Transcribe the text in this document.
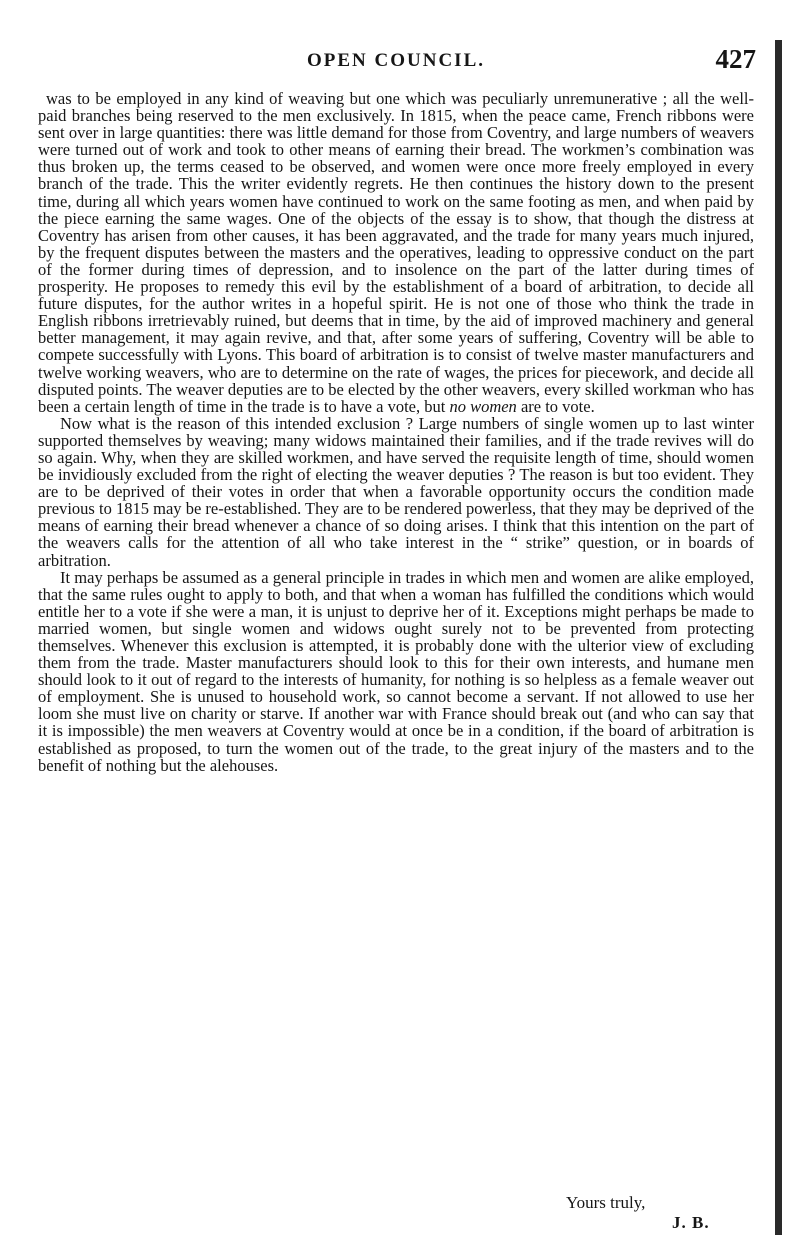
OPEN COUNCIL.	427

was to be employed in any kind of weaving but one which was peculiarly unremunerative ; all the well-paid branches being reserved to the men exclusively. In 1815, when the peace came, French ribbons were sent over in large quantities: there was little demand for those from Coventry, and large numbers of weavers were turned out of work and took to other means of earning their bread. The workmen’s combination was thus broken up, the terms ceased to be observed, and women were once more freely employed in every branch of the trade. This the writer evidently regrets. He then continues the history down to the present time, during all which years women have continued to work on the same footing as men, and when paid by the piece earning the same wages. One of the objects of the essay is to show, that though the distress at Coventry has arisen from other causes, it has been aggravated, and the trade for many years much injured, by the frequent disputes between the masters and the operatives, leading to oppressive conduct on the part of the former during times of depression, and to insolence on the part of the latter during times of prosperity. He proposes to remedy this evil by the establishment of a board of arbitration, to decide all future disputes, for the author writes in a hopeful spirit. He is not one of those who think the trade in English ribbons irretrievably ruined, but deems that in time, by the aid of improved machinery and general better management, it may again revive, and that, after some years of suffering, Coventry will be able to compete successfully with Lyons. This board of arbitration is to consist of twelve master manufacturers and twelve working weavers, who are to determine on the rate of wages, the prices for piecework, and decide all disputed points. The weaver deputies are to be elected by the other weavers, every skilled workman who has been a certain length of time in the trade is to have a vote, but no women are to vote.

Now what is the reason of this intended exclusion ? Large numbers of single women up to last winter supported themselves by weaving; many widows maintained their families, and if the trade revives will do so again. Why, when they are skilled workmen, and have served the requisite length of time, should women be invidiously excluded from the right of electing the weaver deputies ? The reason is but too evident. They are to be deprived of their votes in order that when a favorable opportunity occurs the condition made previous to 1815 may be re-established. They are to be rendered powerless, that they may be deprived of the means of earning their bread whenever a chance of so doing arises. I think that this intention on the part of the weavers calls for the attention of all who take interest in the “ strike” question, or in boards of arbitration.

It may perhaps be assumed as a general principle in trades in which men and women are alike employed, that the same rules ought to apply to both, and that when a woman has fulfilled the conditions which would entitle her to a vote if she were a man, it is unjust to deprive her of it. Exceptions might perhaps be made to married women, but single women and widows ought surely not to be prevented from protecting themselves. Whenever this exclusion is attempted, it is probably done with the ulterior view of excluding them from the trade. Master manufacturers should look to this for their own interests, and humane men should look to it out of regard to the interests of humanity, for nothing is so helpless as a female weaver out of employment. She is unused to household work, so cannot become a servant. If not allowed to use her loom she must live on charity or starve. If another war with France should break out (and who can say that it is impossible) the men weavers at Coventry would at once be in a condition, if the board of arbitration is established as proposed, to turn the women out of the trade, to the great injury of the masters and to the benefit of nothing but the alehouses.

Yours truly,
J. B.
